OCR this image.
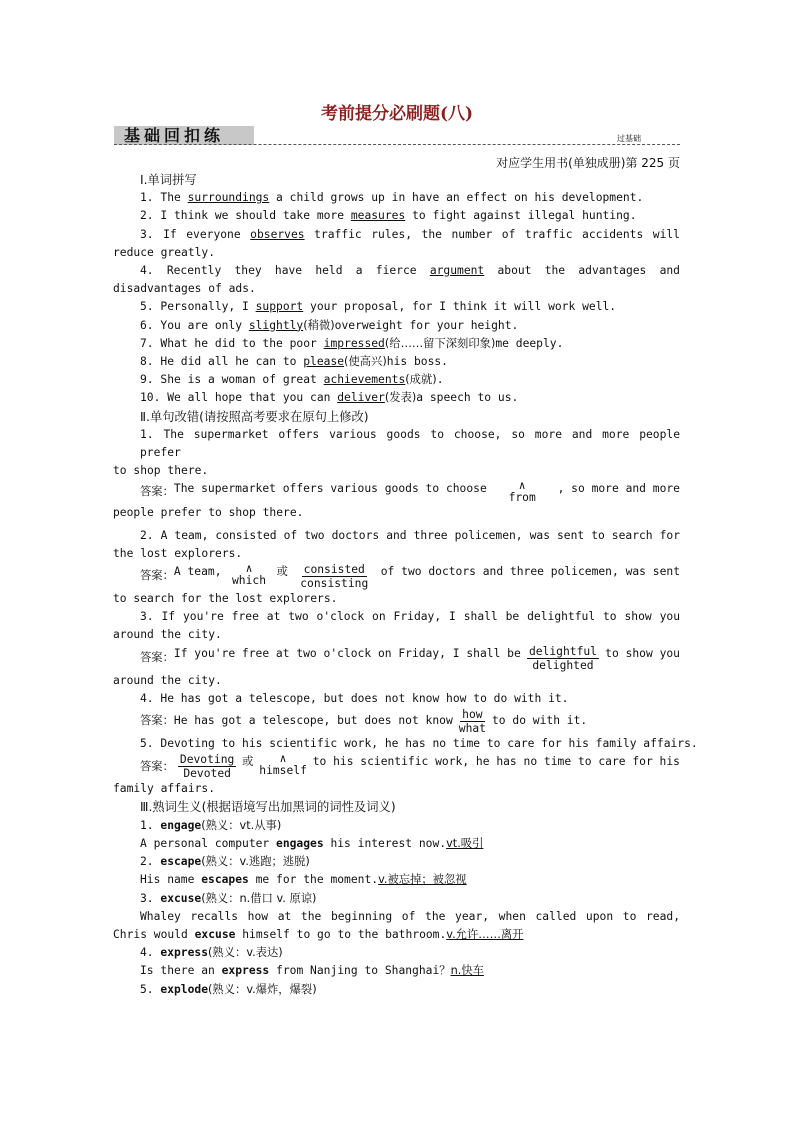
考前提分必刷题(八)
基础回扣练	过基础
对应学生用书(单独成册)第 225 页
Ⅰ.单词拼写
1. The surroundings a child grows up in have an effect on his development.
2. I think we should take more measures to fight against illegal hunting.
3. If everyone observes traffic rules, the number of traffic accidents will
reduce greatly.
4. Recently they have held a fierce argument about the advantages and
disadvantages of ads.
5. Personally, I support your proposal, for I think it will work well.
6. You are only slightly(稍微)overweight for your height.
7. What he did to the poor impressed(给……留下深刻印象)me deeply.
8. He did all he can to please(使高兴)his boss.
9. She is a woman of great achievements(成就).
10. We all hope that you can deliver(发表)a speech to us.
Ⅱ.单句改错(请按照高考要求在原句上修改)
1. The supermarket offers various goods to choose, so more and more people prefer
to shop there.
答案： The supermarket offers various goods to choose	∧
from
, so more and more
people prefer to shop there.
2. A team, consisted of two doctors and three policemen, was sent to search for
the lost explorers.
答案： A team, ∧
which
或 consisted
consisting
of two doctors and three policemen, was sent
to search for the lost explorers.
3. If you're free at two o'clock on Friday, I shall be delightful to show you
around the city.
答案： If you're free at two o'clock on Friday, I shall be delightful
delighted
to show you
around the city.
4. He has got a telescope, but does not know how to do with it.
答案： He has got a telescope, but does not know how
what
to do with it.
5. Devoting to his scientific work, he has no time to care for his family affairs.
答案： Devoting
Devoted
或 ∧
himself
to his scientific work, he has no time to care for his
family affairs.
Ⅲ.熟词生义(根据语境写出加黑词的词性及词义)
1. engage(熟义：vt.从事)
A personal computer engages his interest now.vt.吸引
2. escape(熟义：v.逃跑；逃脱)
His name escapes me for the moment.v.被忘掉；被忽视
3. excuse(熟义：n.借口 v. 原谅)
Whaley recalls how at the beginning of the year, when called upon to read,
Chris would excuse himself to go to the bathroom.v.允许……离开
4. express(熟义：v.表达)
Is there an express from Nanjing to Shanghai？n.快车
5. explode(熟义：v.爆炸，爆裂)
